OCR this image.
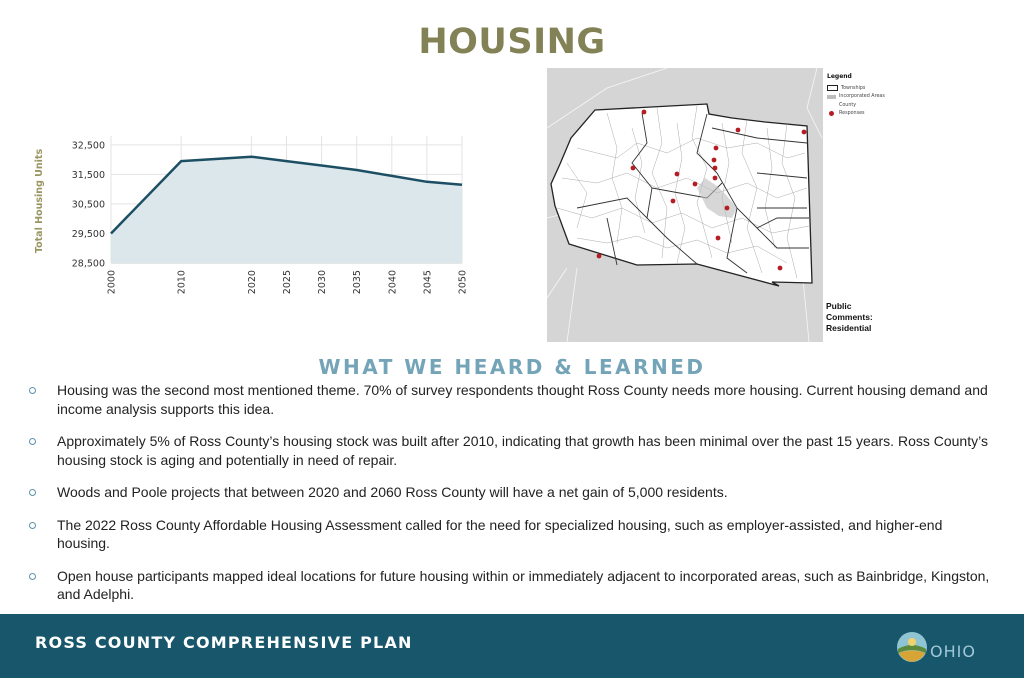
HOUSING
28,500
29,500
30,500
31,500
32,500
2000	2010	2020	2025	2030	2035	2040	2045	2050
Total Housing Units
Legend
Townships
Incorporated Areas
County
Responses
Public
Comments:
Residential
WHAT WE HEARD & LEARNED
Housing was the second most mentioned theme. 70% of survey respondents thought Ross County needs more housing. Current housing demand and income analysis supports this idea.
Approximately 5% of Ross County’s housing stock was built after 2010, indicating that growth has been minimal over the past 15 years. Ross County’s housing stock is aging and potentially in need of repair.
Woods and Poole projects that between 2020 and 2060 Ross County will have a net gain of 5,000 residents.
The 2022 Ross County Affordable Housing Assessment called for the need for specialized housing, such as employer-assisted, and higher-end housing.
Open house participants mapped ideal locations for future housing within or immediately adjacent to incorporated areas, such as Bainbridge, Kingston, and Adelphi.
ROSS COUNTY COMPREHENSIVE PLAN	OHIO
